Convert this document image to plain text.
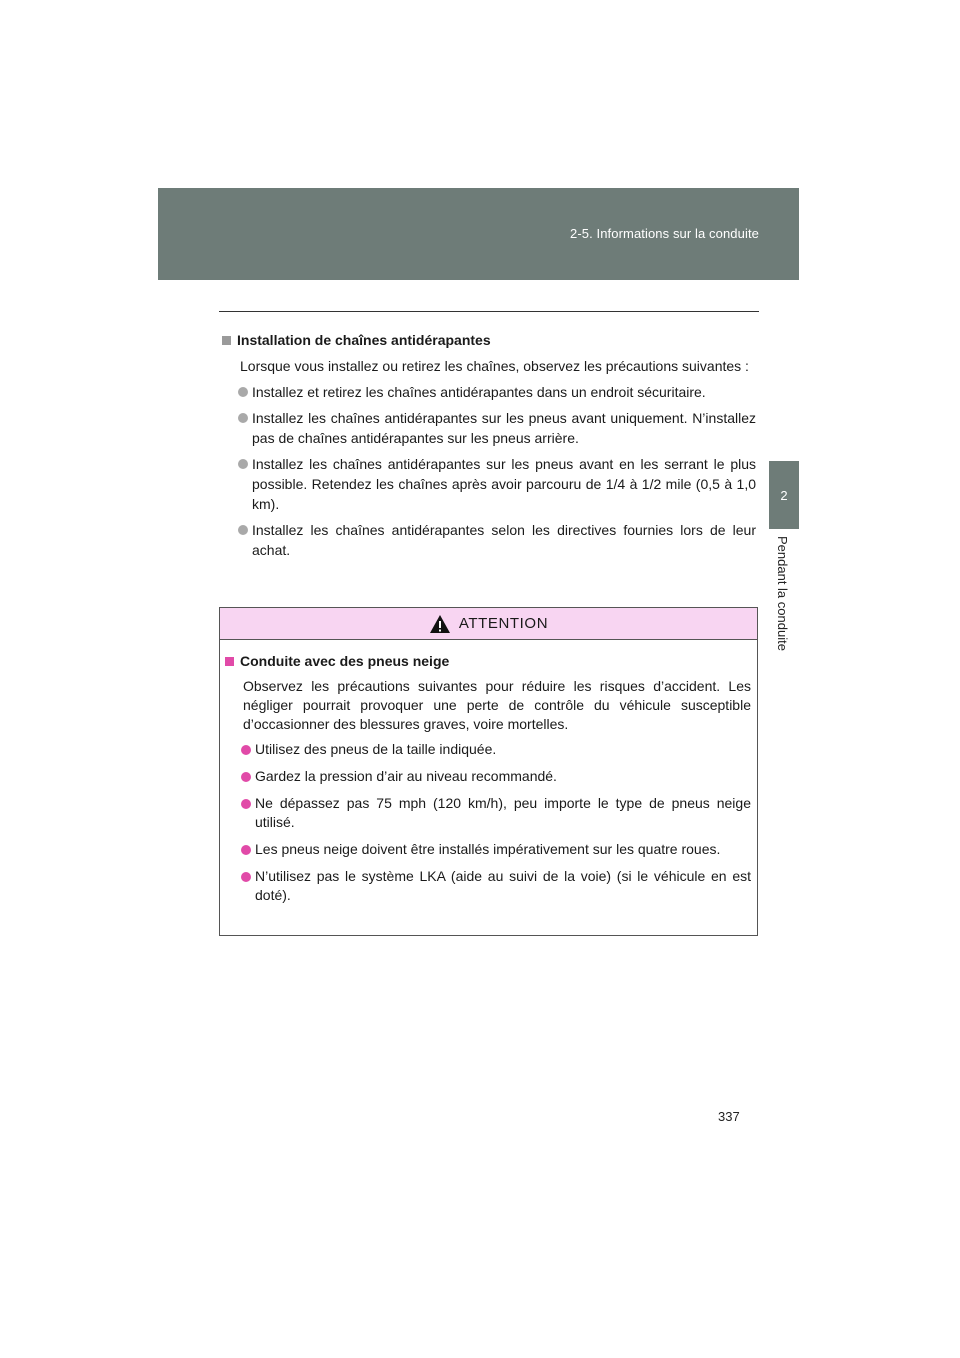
2-5. Informations sur la conduite
2
Pendant la conduite
Installation de chaînes antidérapantes
Lorsque vous installez ou retirez les chaînes, observez les précautions suivantes :
Installez et retirez les chaînes antidérapantes dans un endroit sécuritaire.
Installez les chaînes antidérapantes sur les pneus avant uniquement. N’installez pas de chaînes antidérapantes sur les pneus arrière.
Installez les chaînes antidérapantes sur les pneus avant en les serrant le plus possible. Retendez les chaînes après avoir parcouru de 1/4 à 1/2 mile (0,5 à 1,0 km).
Installez les chaînes antidérapantes selon les directives fournies lors de leur achat.
ATTENTION
Conduite avec des pneus neige
Observez les précautions suivantes pour réduire les risques d’accident. Les négliger pourrait provoquer une perte de contrôle du véhicule susceptible d’occasionner des blessures graves, voire mortelles.
Utilisez des pneus de la taille indiquée.
Gardez la pression d’air au niveau recommandé.
Ne dépassez pas 75 mph (120 km/h), peu importe le type de pneus neige utilisé.
Les pneus neige doivent être installés impérativement sur les quatre roues.
N’utilisez pas le système LKA (aide au suivi de la voie) (si le véhicule en est doté).
337
